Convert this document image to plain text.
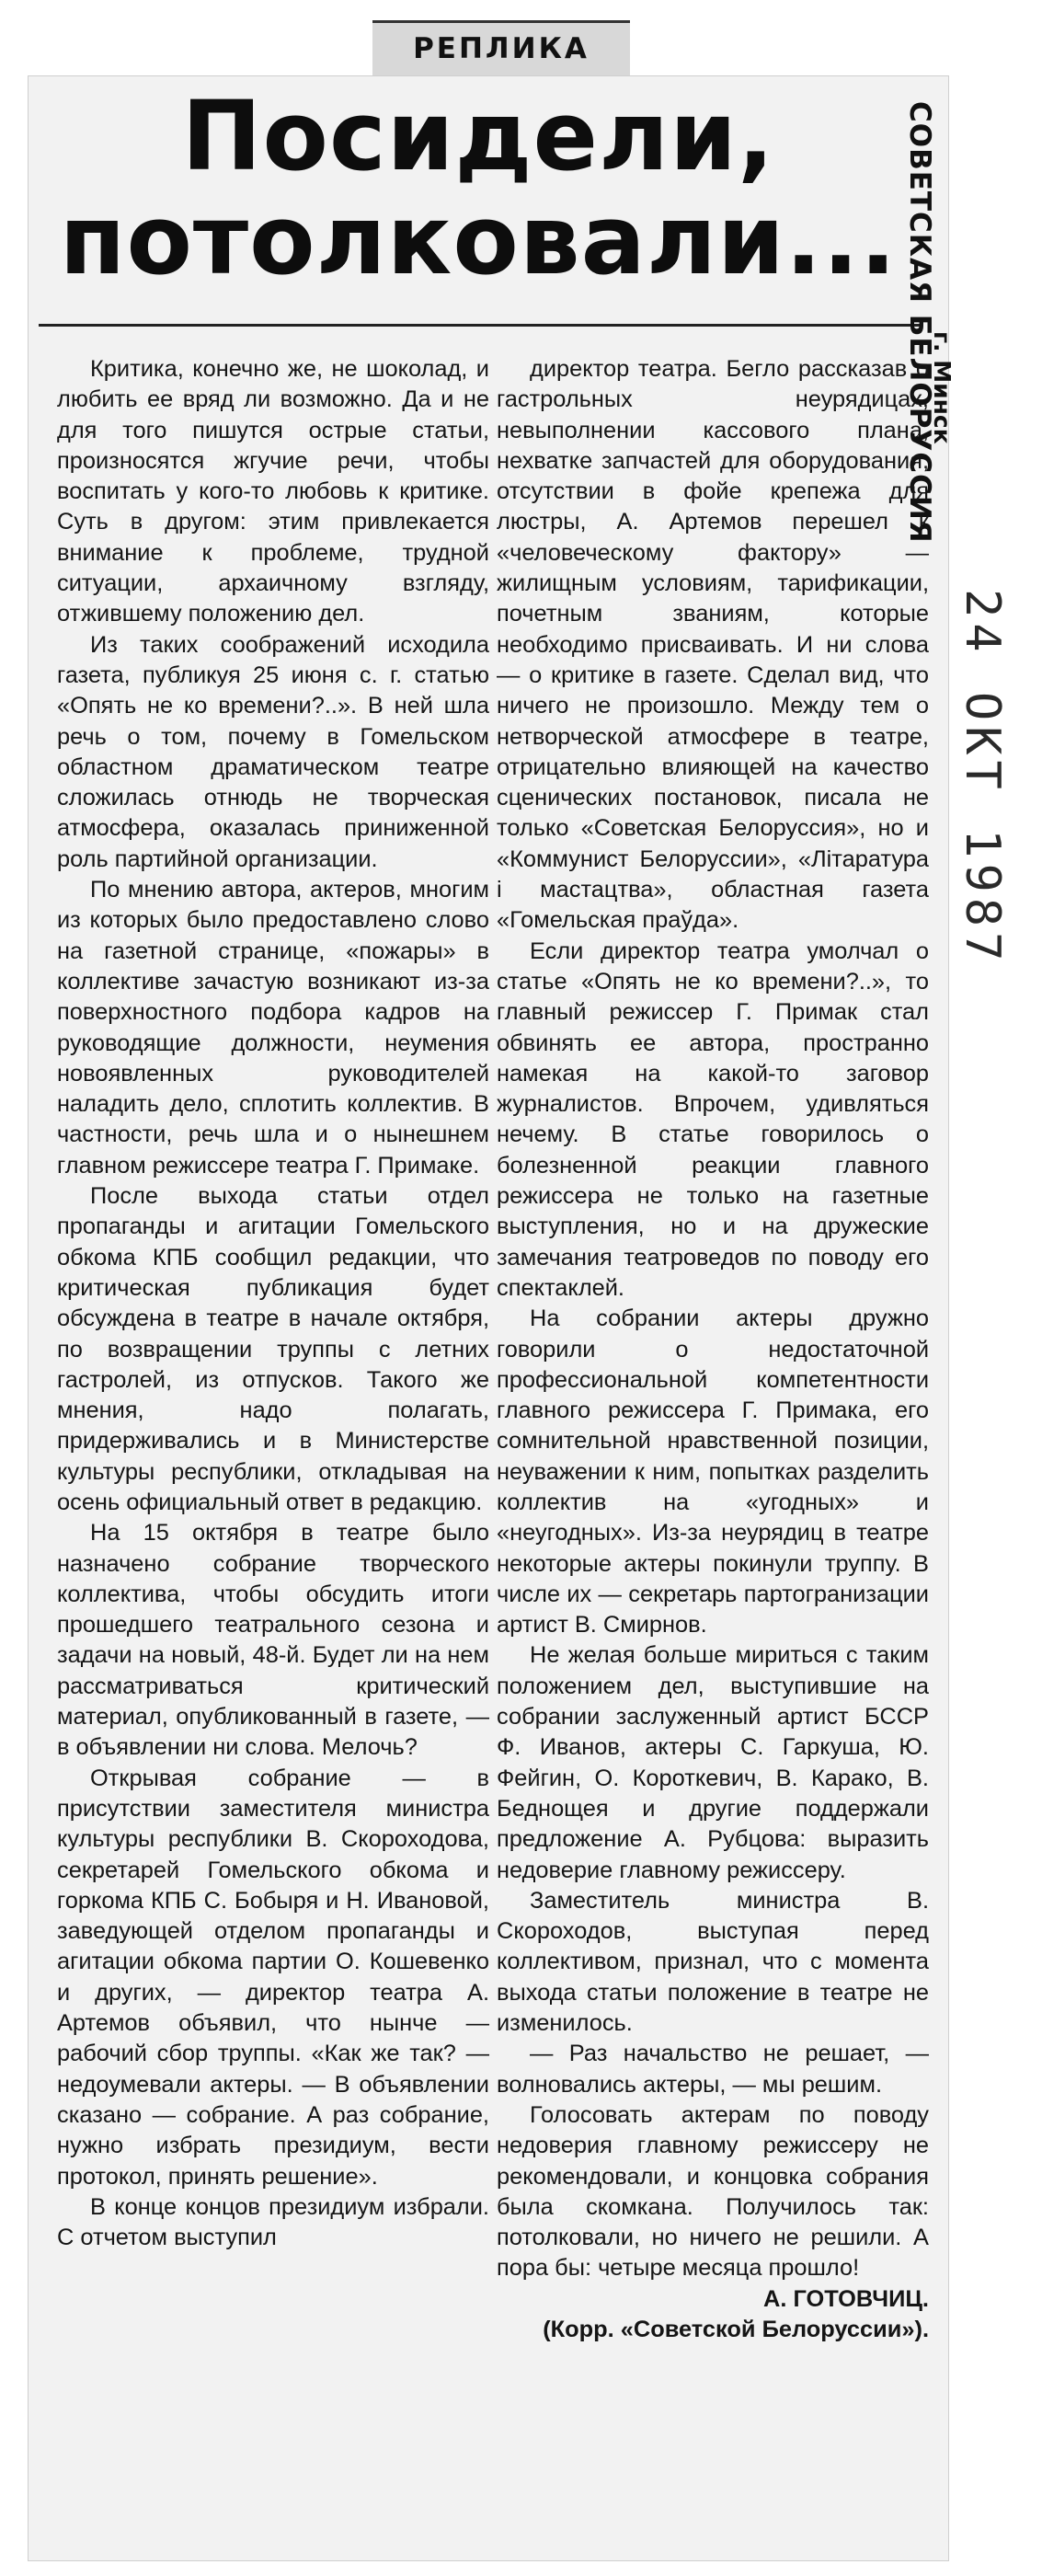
РЕПЛИКА
Посидели, потолковали... СОВЕТСКАЯ БЕЛОРУССИЯ
г. Минск
24 ОКТ 1987

Критика, конечно же, не шоколад, и любить ее вряд ли возможно. Да и не для того пишутся острые статьи, произносятся жгучие речи, чтобы воспитать у кого-то любовь к критике. Суть в другом: этим привлекается внимание к проблеме, трудной ситуации, архаичному взгляду, отжившему положению дел.

Из таких соображений исходила газета, публикуя 25 июня с. г. статью «Опять не ко времени?..». В ней шла речь о том, почему в Гомельском областном драматическом театре сложилась отнюдь не творческая атмосфера, оказалась приниженной роль партийной организации.

По мнению автора, актеров, многим из которых было предоставлено слово на газетной странице, «пожары» в коллективе зачастую возникают из-за поверхностного подбора кадров на руководящие должности, неумения новоявленных руководителей наладить дело, сплотить коллектив. В частности, речь шла и о нынешнем главном режиссере театра Г. Примаке.

После выхода статьи отдел пропаганды и агитации Гомельского обкома КПБ сообщил редакции, что критическая публикация будет обсуждена в театре в начале октября, по возвращении труппы с летних гастролей, из отпусков. Такого же мнения, надо полагать, придерживались и в Министерстве культуры республики, откладывая на осень официальный ответ в редакцию.

На 15 октября в театре было назначено собрание творческого коллектива, чтобы обсудить итоги прошедшего театрального сезона и задачи на новый, 48-й. Будет ли на нем рассматриваться критический материал, опубликованный в газете, — в объявлении ни слова. Мелочь?

Открывая собрание — в присутствии заместителя министра культуры республики В. Скороходова, секретарей Гомельского обкома и горкома КПБ С. Бобыря и Н. Ивановой, заведующей отделом пропаганды и агитации обкома партии О. Кошевенко и других, — директор театра А. Артемов объявил, что нынче — рабочий сбор труппы. «Как же так? — недоумевали актеры. — В объявлении сказано — собрание. А раз собрание, нужно избрать президиум, вести протокол, принять решение».

В конце концов президиум избрали. С отчетом выступил

директор театра. Бегло рассказав о гастрольных неурядицах, невыполнении кассового плана, нехватке запчастей для оборудования, отсутствии в фойе крепежа для люстры, А. Артемов перешел к «человеческому фактору» — жилищным условиям, тарификации, почетным званиям, которые необходимо присваивать. И ни слова — о критике в газете. Сделал вид, что ничего не произошло. Между тем о нетворческой атмосфере в театре, отрицательно влияющей на качество сценических постановок, писала не только «Советская Белоруссия», но и «Коммунист Белоруссии», «Лiтаратура i мастацтва», областная газета «Гомельская праўда».

Если директор театра умолчал о статье «Опять не ко времени?..», то главный режиссер Г. Примак стал обвинять ее автора, пространно намекая на какой-то заговор журналистов. Впрочем, удивляться нечему. В статье говорилось о болезненной реакции главного режиссера не только на газетные выступления, но и на дружеские замечания театроведов по поводу его спектаклей.

На собрании актеры дружно говорили о недостаточной профессиональной компетентности главного режиссера Г. Примака, его сомнительной нравственной позиции, неуважении к ним, попытках разделить коллектив на «угодных» и «неугодных». Из-за неурядиц в театре некоторые актеры покинули труппу. В числе их — секретарь партогранизации артист В. Смирнов.

Не желая больше мириться с таким положением дел, выступившие на собрании заслуженный артист БССР Ф. Иванов, актеры С. Гаркуша, Ю. Фейгин, О. Короткевич, В. Карако, В. Беднощея и другие поддержали предложение А. Рубцова: выразить недоверие главному режиссеру.

Заместитель министра В. Скороходов, выступая перед коллективом, признал, что с момента выхода статьи положение в театре не изменилось.

— Раз начальство не решает, — волновались актеры, — мы решим.

Голосовать актерам по поводу недоверия главному режиссеру не рекомендовали, и концовка собрания была скомкана. Получилось так: потолковали, но ничего не решили. А пора бы: четыре месяца прошло!

А. ГОТОВЧИЦ.

(Корр. «Советской Белоруссии»).
